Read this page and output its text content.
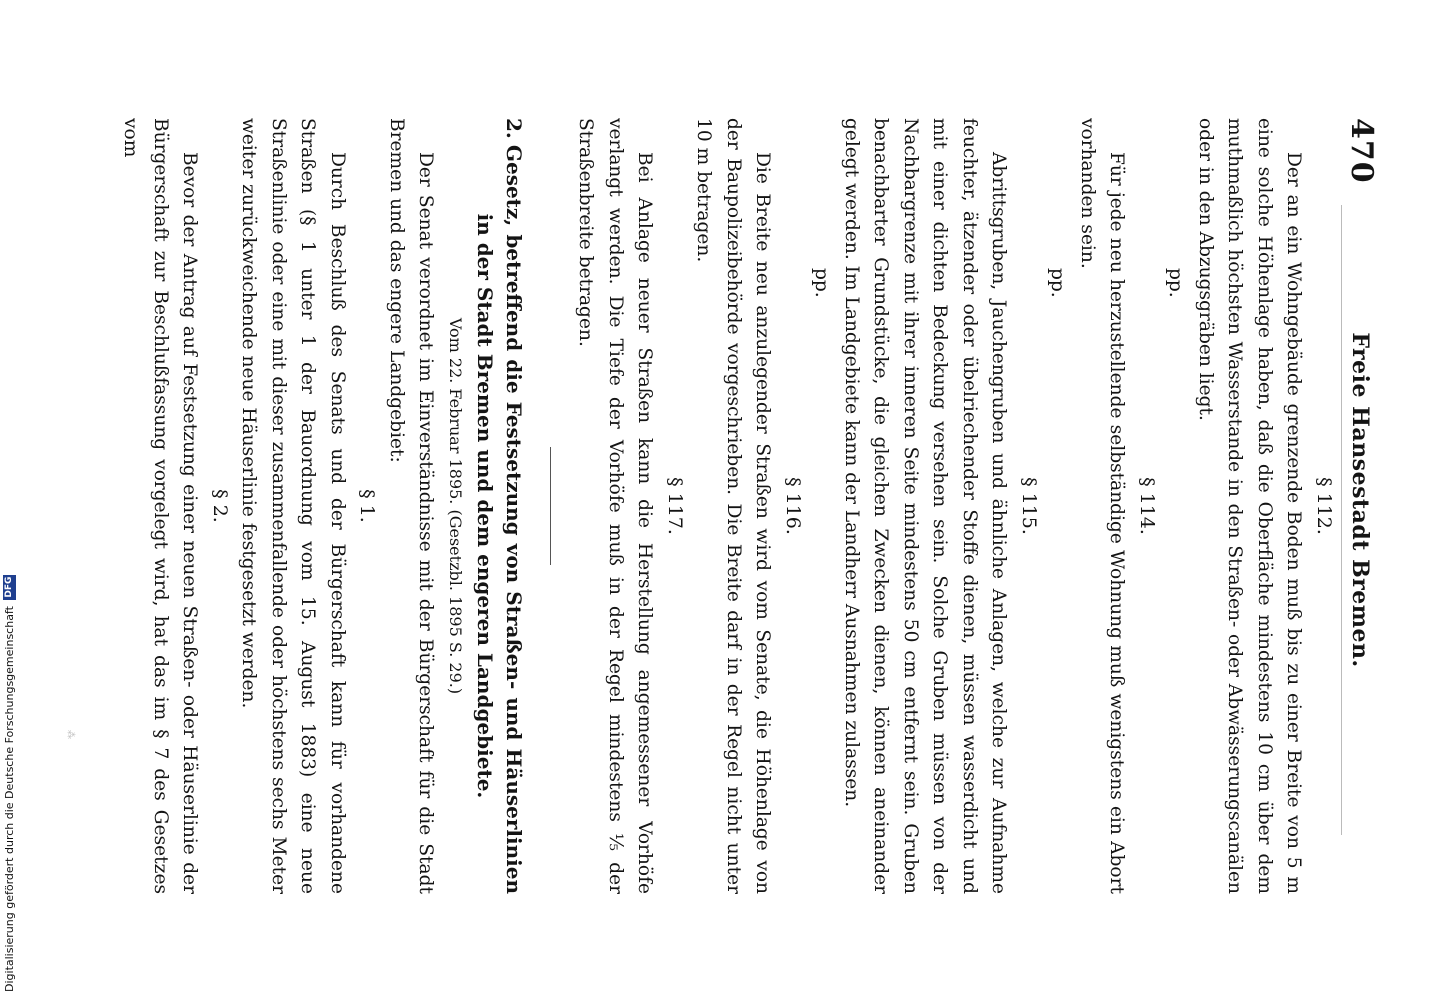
470
Freie Hansestadt Bremen.

§ 112.

Der an ein Wohngebäude grenzende Boden muß bis zu einer Breite von 5 m eine solche Höhenlage haben, daß die Oberfläche mindestens 10 cm über dem muthmaßlich höchsten Wasserstande in den Straßen- oder Abwässerungscanälen oder in den Abzugsgräben liegt.

pp.

§ 114.

Für jede neu herzustellende selbständige Wohnung muß wenigstens ein Abort vorhanden sein.

pp.

§ 115.

Abrittsgruben, Jauchengruben und ähnliche Anlagen, welche zur Aufnahme feuchter, ätzender oder übelriechender Stoffe dienen, müssen wasserdicht und mit einer dichten Bedeckung versehen sein. Solche Gruben müssen von der Nachbargrenze mit ihrer inneren Seite mindestens 50 cm entfernt sein. Gruben benachbarter Grundstücke, die gleichen Zwecken dienen, können aneinander gelegt werden. Im Landgebiete kann der Landherr Ausnahmen zulassen.

pp.

§ 116.

Die Breite neu anzulegender Straßen wird vom Senate, die Höhenlage von der Baupolizeibehörde vorgeschrieben. Die Breite darf in der Regel nicht unter 10 m betragen.

§ 117.

Bei Anlage neuer Straßen kann die Herstellung angemessener Vorhöfe verlangt werden. Die Tiefe der Vorhöfe muß in der Regel mindestens ⅕ der Straßenbreite betragen.

2.Gesetz, betreffend die Festsetzung von Straßen- und Häuserlinien in der Stadt Bremen und dem engeren Landgebiete.

Vom 22. Februar 1895. (Gesetzbl. 1895 S. 29.)

Der Senat verordnet im Einverständnisse mit der Bürgerschaft für die Stadt Bremen und das engere Landgebiet:

§ 1.

Durch Beschluß des Senats und der Bürgerschaft kann für vorhandene Straßen (§ 1 unter 1 der Bauordnung vom 15. August 1883) eine neue Straßenlinie oder eine mit dieser zusammenfallende oder höchstens sechs Meter weiter zurückweichende neue Häuserlinie festgesetzt werden.

§ 2.

Bevor der Antrag auf Festsetzung einer neuen Straßen- oder Häuserlinie der Bürgerschaft zur Beschlußfassung vorgelegt wird, hat das im § 7 des Gesetzes vom

⁂
Digitalisierung gefördert durch die Deutsche Forschungsgemeinschaft DFG
